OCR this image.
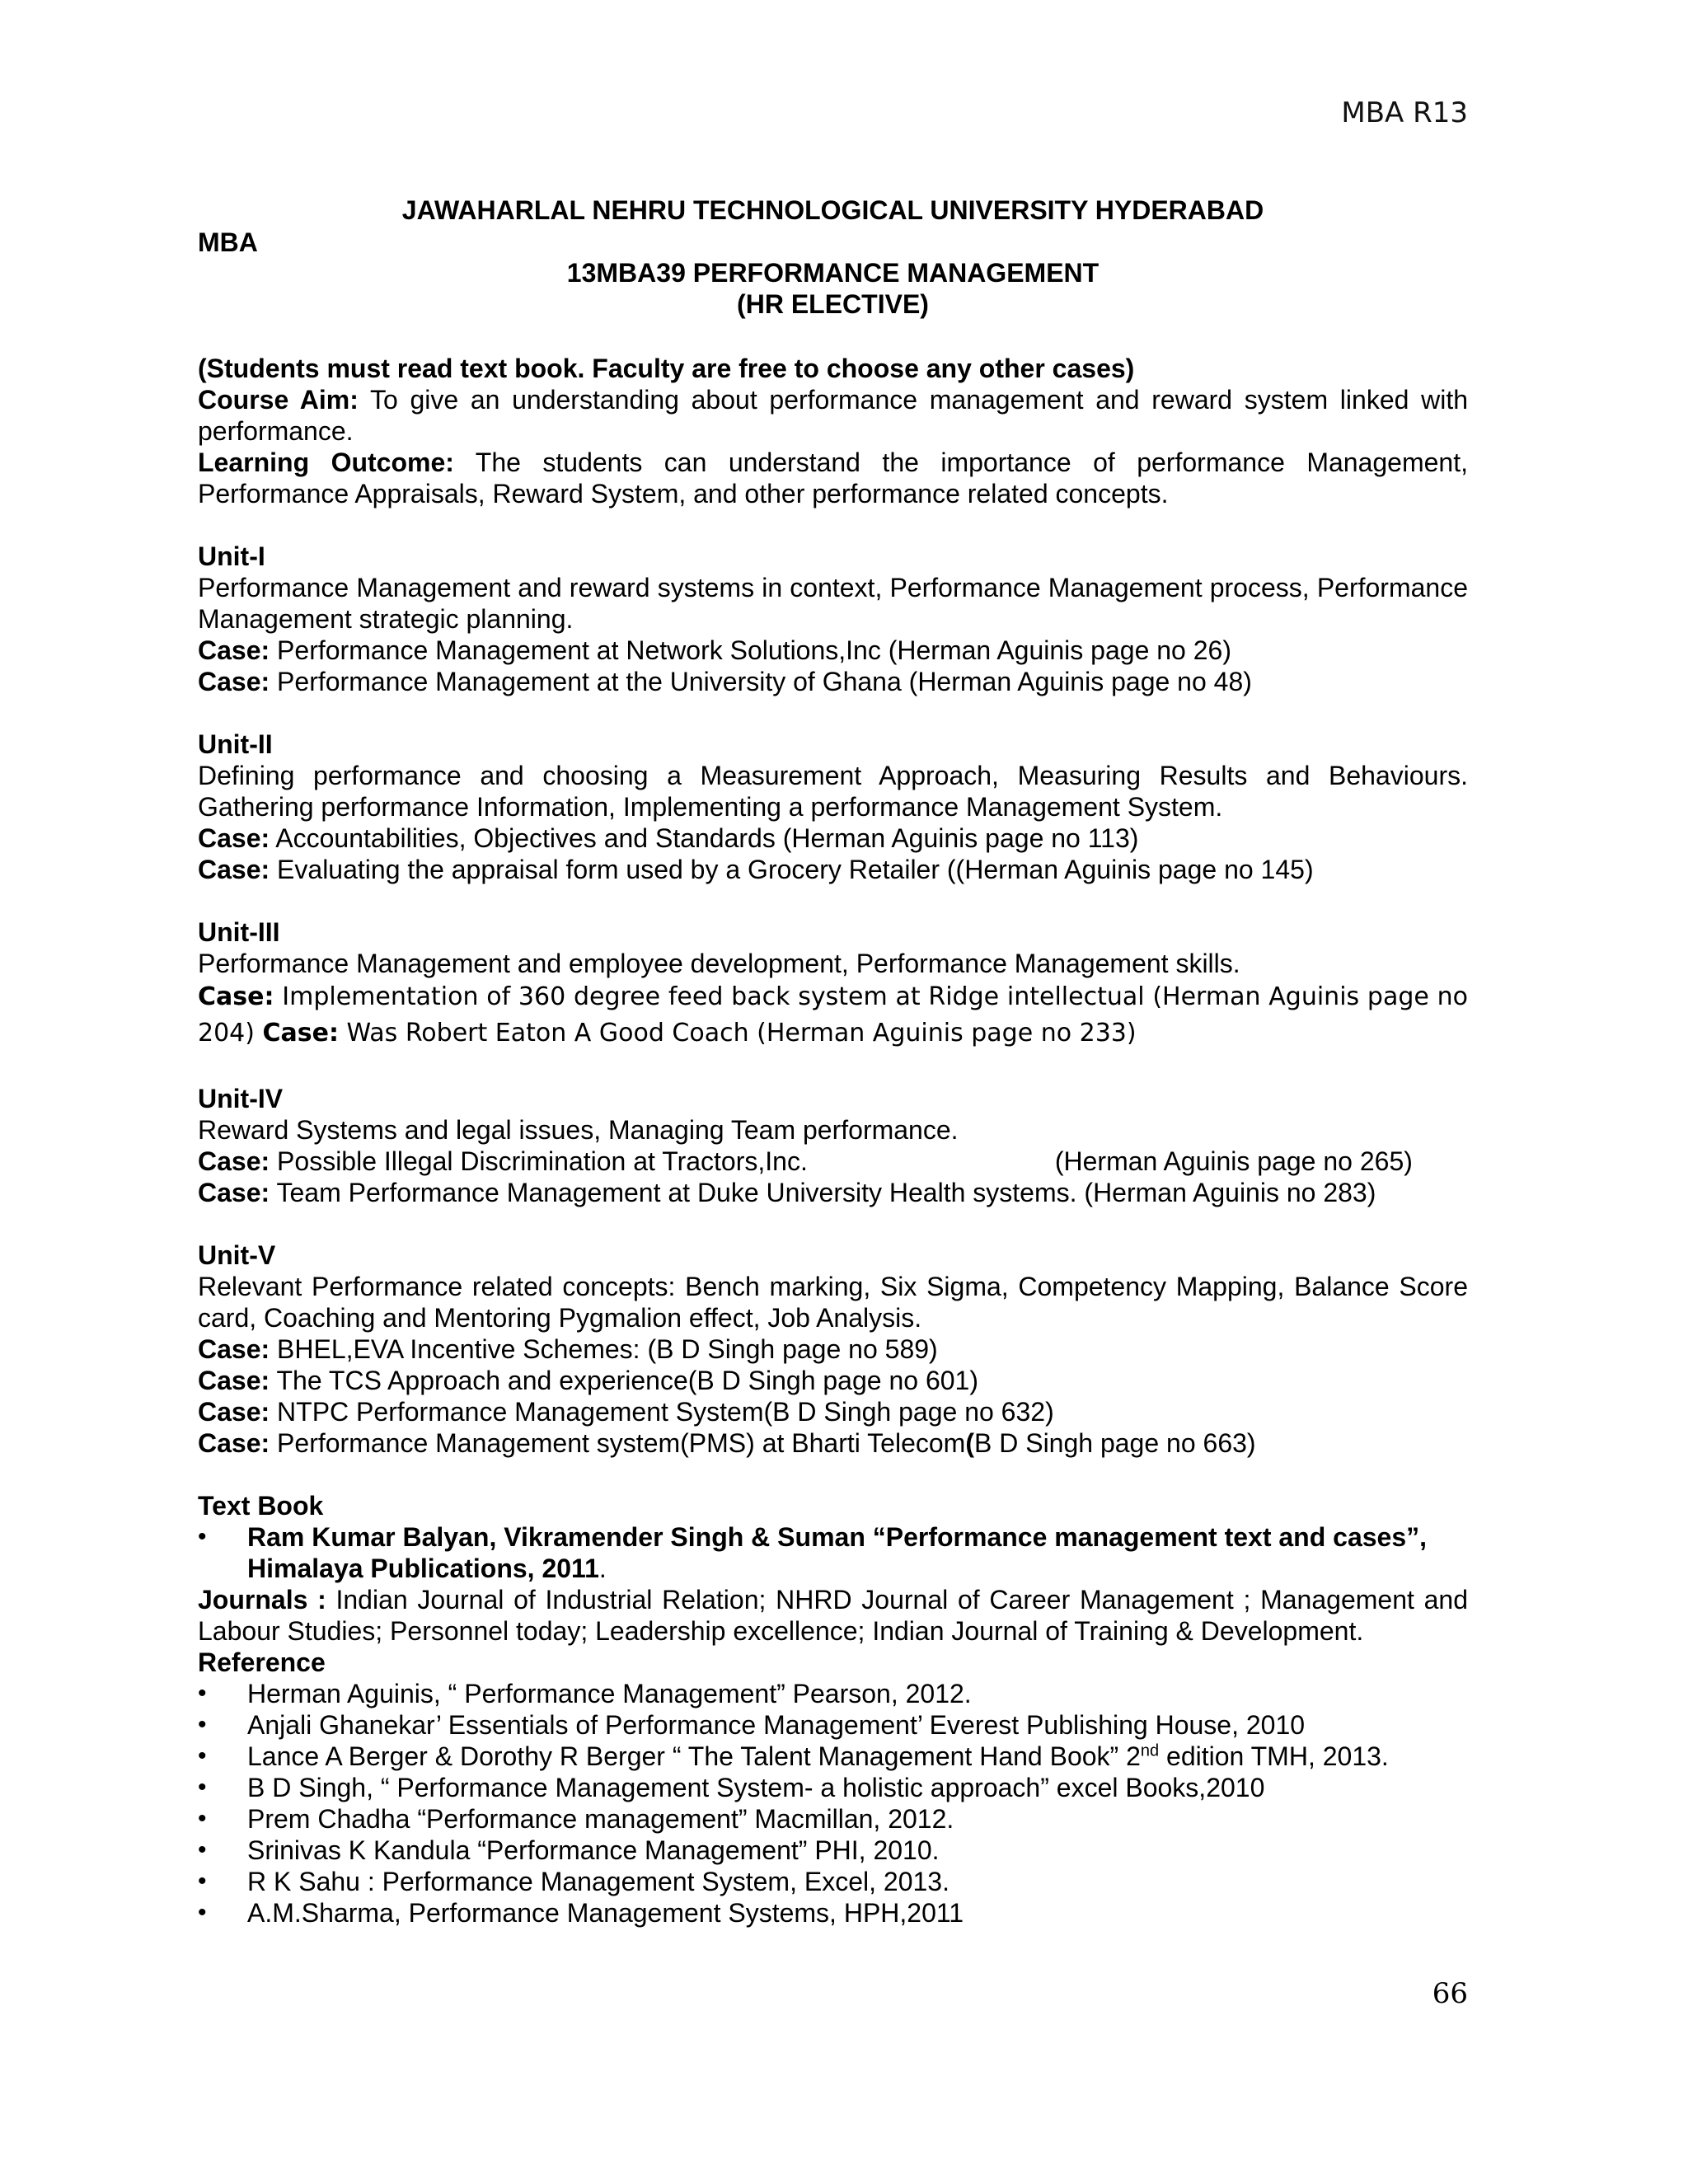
MBA R13
JAWAHARLAL NEHRU TECHNOLOGICAL UNIVERSITY HYDERABAD
MBA
13MBA39 PERFORMANCE MANAGEMENT
(HR ELECTIVE)

(Students must read text book. Faculty are free to choose any other cases)

Course Aim: To give an understanding about performance management and reward system linked with performance.

Learning Outcome: The students can understand the importance of performance Management, Performance Appraisals, Reward System, and other performance related concepts.

Unit-I

Performance Management and reward systems in context, Performance Management process, Performance Management strategic planning.

Case: Performance Management at Network Solutions,Inc (Herman Aguinis page no 26)

Case: Performance Management at the University of Ghana (Herman Aguinis page no 48)

Unit-II

Defining performance and choosing a Measurement Approach, Measuring Results and Behaviours. Gathering performance Information, Implementing a performance Management System.

Case: Accountabilities, Objectives and Standards (Herman Aguinis page no 113)

Case: Evaluating the appraisal form used by a Grocery Retailer ((Herman Aguinis page no 145)

Unit-III

Performance Management and employee development, Performance Management skills.

Case: Implementation of 360 degree feed back system at Ridge intellectual (Herman Aguinis page no 204) Case: Was Robert Eaton A Good Coach (Herman Aguinis page no 233)

Unit-IV

Reward Systems and legal issues, Managing Team performance.

Case: Possible Illegal Discrimination at Tractors,Inc.	(Herman Aguinis page no 265)

Case: Team Performance Management at Duke University Health systems. (Herman Aguinis no 283)

Unit-V

Relevant Performance related concepts: Bench marking, Six Sigma, Competency Mapping, Balance Score card, Coaching and Mentoring Pygmalion effect, Job Analysis.

Case: BHEL,EVA Incentive Schemes: (B D Singh page no 589)

Case: The TCS Approach and experience(B D Singh page no 601)

Case: NTPC Performance Management System(B D Singh page no 632)

Case: Performance Management system(PMS) at Bharti Telecom(B D Singh page no 663)

Text Book

• Ram Kumar Balyan, Vikramender Singh & Suman “Performance management text and cases”, Himalaya Publications, 2011.

Journals : Indian Journal of Industrial Relation; NHRD Journal of Career Management ; Management and Labour Studies; Personnel today; Leadership excellence; Indian Journal of Training & Development.

Reference

• Herman Aguinis, “ Performance Management” Pearson, 2012.
• Anjali Ghanekar’ Essentials of Performance Management’ Everest Publishing House, 2010
• Lance A Berger & Dorothy R Berger “ The Talent Management Hand Book” 2nd edition TMH, 2013.
• B D Singh, “ Performance Management System- a holistic approach” excel Books,2010
• Prem Chadha “Performance management” Macmillan, 2012.
• Srinivas K Kandula “Performance Management” PHI, 2010.
• R K Sahu : Performance Management System, Excel, 2013.
• A.M.Sharma, Performance Management Systems, HPH,2011
66
